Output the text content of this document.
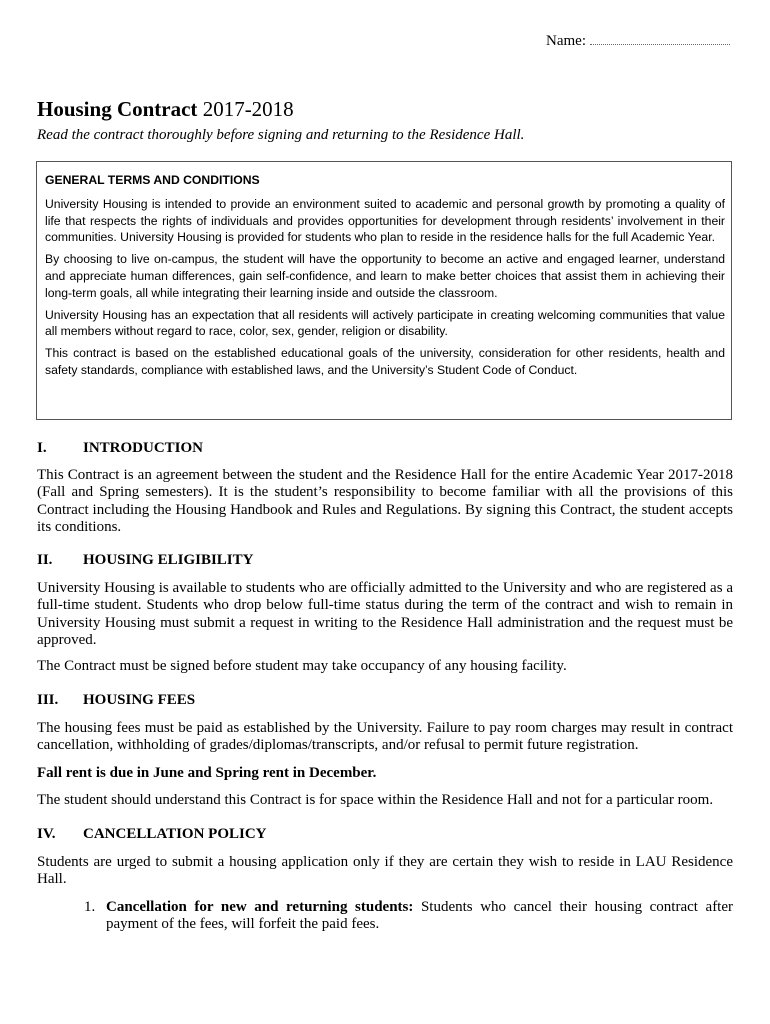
Name:
Housing Contract 2017-2018
Read the contract thoroughly before signing and returning to the Residence Hall.
GENERAL TERMS AND CONDITIONS

University Housing is intended to provide an environment suited to academic and personal growth by promoting a quality of life that respects the rights of individuals and provides opportunities for development through residents’ involvement in their communities. University Housing is provided for students who plan to reside in the residence halls for the full Academic Year.

By choosing to live on-campus, the student will have the opportunity to become an active and engaged learner, understand and appreciate human differences, gain self-confidence, and learn to make better choices that assist them in achieving their long-term goals, all while integrating their learning inside and outside the classroom.

University Housing has an expectation that all residents will actively participate in creating welcoming communities that value all members without regard to race, color, sex, gender, religion or disability.

This contract is based on the established educational goals of the university, consideration for other residents, health and safety standards, compliance with established laws, and the University’s Student Code of Conduct.

I. INTRODUCTION

This Contract is an agreement between the student and the Residence Hall for the entire Academic Year 2017-2018 (Fall and Spring semesters). It is the student’s responsibility to become familiar with all the provisions of this Contract including the Housing Handbook and Rules and Regulations. By signing this Contract, the student accepts its conditions.

II. HOUSING ELIGIBILITY

University Housing is available to students who are officially admitted to the University and who are registered as a full-time student. Students who drop below full-time status during the term of the contract and wish to remain in University Housing must submit a request in writing to the Residence Hall administration and the request must be approved.

The Contract must be signed before student may take occupancy of any housing facility.

III. HOUSING FEES

The housing fees must be paid as established by the University. Failure to pay room charges may result in contract cancellation, withholding of grades/diplomas/transcripts, and/or refusal to permit future registration.

Fall rent is due in June and Spring rent in December.

The student should understand this Contract is for space within the Residence Hall and not for a particular room.

IV. CANCELLATION POLICY

Students are urged to submit a housing application only if they are certain they wish to reside in LAU Residence Hall.

1. Cancellation for new and returning students: Students who cancel their housing contract after payment of the fees, will forfeit the paid fees.
